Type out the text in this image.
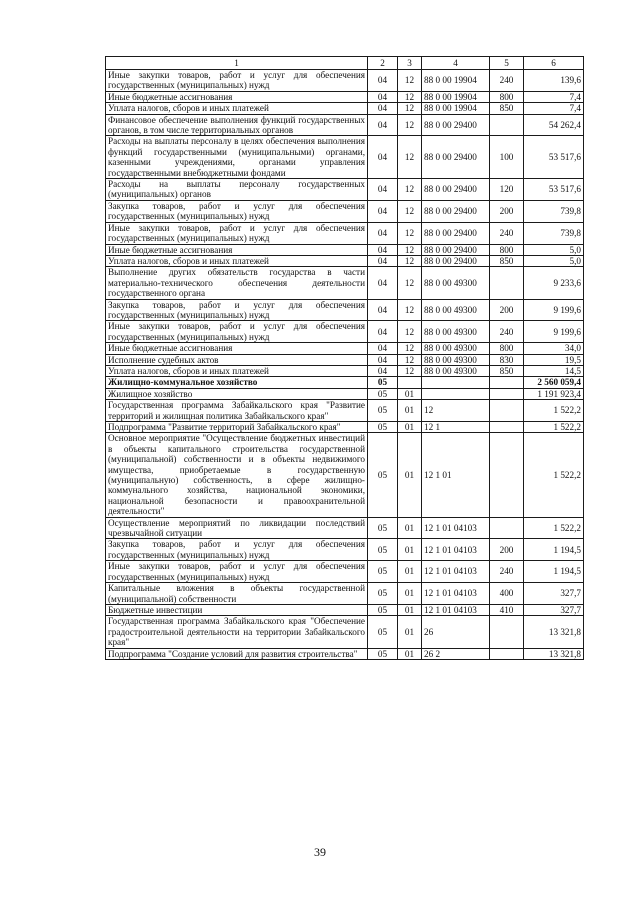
1	2	3	4	5	6
Иные закупки товаров, работ и услуг для обеспечения государственных (муниципальных) нужд	04	12	88 0 00 19904	240	139,6
Иные бюджетные ассигнования	04	12	88 0 00 19904	800	7,4
Уплата налогов, сборов и иных платежей	04	12	88 0 00 19904	850	7,4
Финансовое обеспечение выполнения функций государственных органов, в том числе территориальных органов	04	12	88 0 00 29400		54 262,4
Расходы на выплаты персоналу в целях обеспечения выполнения функций государственными (муниципальными) органами, казенными учреждениями, органами управления государственными внебюджетными фондами	04	12	88 0 00 29400	100	53 517,6
Расходы на выплаты персоналу государственных (муниципальных) органов	04	12	88 0 00 29400	120	53 517,6
Закупка товаров, работ и услуг для обеспечения государственных (муниципальных) нужд	04	12	88 0 00 29400	200	739,8
Иные закупки товаров, работ и услуг для обеспечения государственных (муниципальных) нужд	04	12	88 0 00 29400	240	739,8
Иные бюджетные ассигнования	04	12	88 0 00 29400	800	5,0
Уплата налогов, сборов и иных платежей	04	12	88 0 00 29400	850	5,0
Выполнение других обязательств государства в части материально-технического обеспечения деятельности государственного органа	04	12	88 0 00 49300		9 233,6
Закупка товаров, работ и услуг для обеспечения государственных (муниципальных) нужд	04	12	88 0 00 49300	200	9 199,6
Иные закупки товаров, работ и услуг для обеспечения государственных (муниципальных) нужд	04	12	88 0 00 49300	240	9 199,6
Иные бюджетные ассигнования	04	12	88 0 00 49300	800	34,0
Исполнение судебных актов	04	12	88 0 00 49300	830	19,5
Уплата налогов, сборов и иных платежей	04	12	88 0 00 49300	850	14,5
Жилищно-коммунальное хозяйство	05				2 560 059,4
Жилищное хозяйство	05	01			1 191 923,4
Государственная программа Забайкальского края "Развитие территорий и жилищная политика Забайкальского края"	05	01	12		1 522,2
Подпрограмма "Развитие территорий Забайкальского края"	05	01	12 1		1 522,2
Основное мероприятие "Осуществление бюджетных инвестиций в объекты капитального строительства государственной (муниципальной) собственности и в объекты недвижимого имущества, приобретаемые в государственную (муниципальную) собственность, в сфере жилищно-коммунального хозяйства, национальной экономики, национальной безопасности и правоохранительной деятельности"	05	01	12 1 01		1 522,2
Осуществление мероприятий по ликвидации последствий чрезвычайной ситуации	05	01	12 1 01 04103		1 522,2
Закупка товаров, работ и услуг для обеспечения государственных (муниципальных) нужд	05	01	12 1 01 04103	200	1 194,5
Иные закупки товаров, работ и услуг для обеспечения государственных (муниципальных) нужд	05	01	12 1 01 04103	240	1 194,5
Капитальные вложения в объекты государственной (муниципальной) собственности	05	01	12 1 01 04103	400	327,7
Бюджетные инвестиции	05	01	12 1 01 04103	410	327,7
Государственная программа Забайкальского края "Обеспечение градостроительной деятельности на территории Забайкальского края"	05	01	26		13 321,8
Подпрограмма "Создание условий для развития строительства"	05	01	26 2		13 321,8
39
